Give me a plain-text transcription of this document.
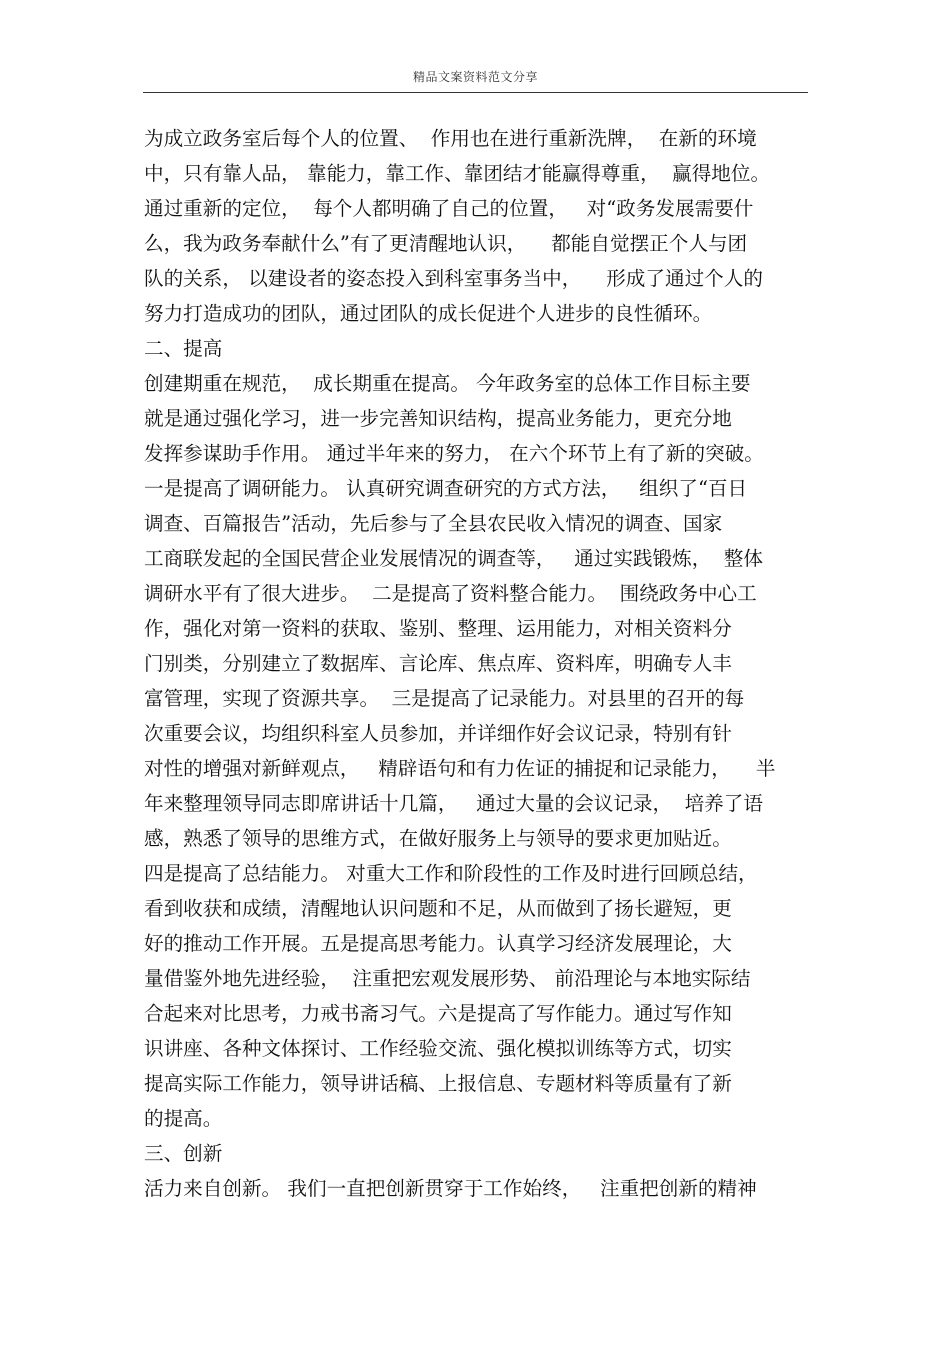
精品文案资料范文分享
为成立政务室后每个人的位置、  作用也在进行重新洗牌，  在新的环境
中，只有靠人品， 靠能力，靠工作、靠团结才能赢得尊重，  赢得地位。
通过重新的定位，  每个人都明确了自己的位置，   对“政务发展需要什
么，我为政务奉献什么”有了更清醒地认识，    都能自觉摆正个人与团
队的关系， 以建设者的姿态投入到科室事务当中，    形成了通过个人的
努力打造成功的团队，通过团队的成长促进个人进步的良性循环。
二、提高
创建期重在规范，  成长期重在提高。 今年政务室的总体工作目标主要
就是通过强化学习，进一步完善知识结构，提高业务能力，更充分地
发挥参谋助手作用。 通过半年来的努力， 在六个环节上有了新的突破。
一是提高了调研能力。 认真研究调查研究的方式方法，   组织了“百日
调查、百篇报告”活动，先后参与了全县农民收入情况的调查、国家
工商联发起的全国民营企业发展情况的调查等，   通过实践锻炼，  整体
调研水平有了很大进步。  二是提高了资料整合能力。  围绕政务中心工
作，强化对第一资料的获取、鉴别、整理、运用能力，对相关资料分
门别类，分别建立了数据库、言论库、焦点库、资料库，明确专人丰
富管理，实现了资源共享。  三是提高了记录能力。对县里的召开的每
次重要会议，均组织科室人员参加，并详细作好会议记录，特别有针
对性的增强对新鲜观点，   精辟语句和有力佐证的捕捉和记录能力，    半
年来整理领导同志即席讲话十几篇，   通过大量的会议记录，  培养了语
感，熟悉了领导的思维方式，在做好服务上与领导的要求更加贴近。
四是提高了总结能力。 对重大工作和阶段性的工作及时进行回顾总结，
看到收获和成绩，清醒地认识问题和不足，从而做到了扬长避短，更
好的推动工作开展。五是提高思考能力。认真学习经济发展理论，大
量借鉴外地先进经验，  注重把宏观发展形势、 前沿理论与本地实际结
合起来对比思考，力戒书斋习气。六是提高了写作能力。通过写作知
识讲座、各种文体探讨、工作经验交流、强化模拟训练等方式，切实
提高实际工作能力，领导讲话稿、上报信息、专题材料等质量有了新
的提高。
三、创新
活力来自创新。 我们一直把创新贯穿于工作始终，   注重把创新的精神
